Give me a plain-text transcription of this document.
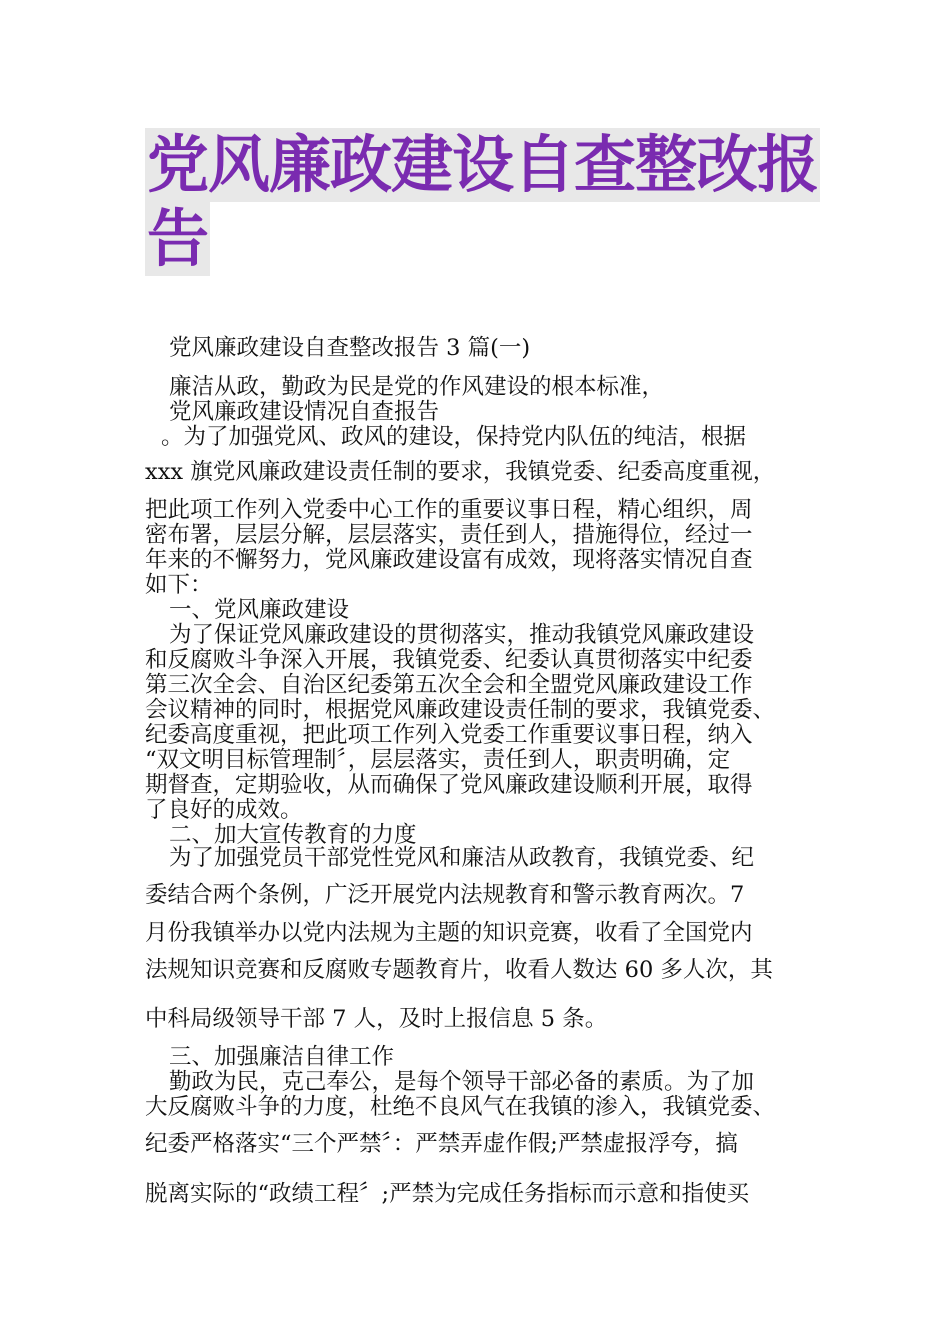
党风廉政建设自查整改报
告
党风廉政建设自查整改报告 3 篇(一)
廉洁从政，勤政为民是党的作风建设的根本标准，
党风廉政建设情况自查报告
。为了加强党风、政风的建设，保持党内队伍的纯洁，根据
xxx 旗党风廉政建设责任制的要求，我镇党委、纪委高度重视，
把此项工作列入党委中心工作的重要议事日程，精心组织，周
密布署，层层分解，层层落实，责任到人，措施得位，经过一
年来的不懈努力，党风廉政建设富有成效，现将落实情况自查
如下：
一、党风廉政建设
为了保证党风廉政建设的贯彻落实，推动我镇党风廉政建设
和反腐败斗争深入开展，我镇党委、纪委认真贯彻落实中纪委
第三次全会、自治区纪委第五次全会和全盟党风廉政建设工作
会议精神的同时，根据党风廉政建设责任制的要求，我镇党委、
纪委高度重视，把此项工作列入党委工作重要议事日程，纳入
“双文明目标管理制〞，层层落实，责任到人，职责明确，定
期督查，定期验收，从而确保了党风廉政建设顺利开展，取得
了良好的成效。
二、加大宣传教育的力度
为了加强党员干部党性党风和廉洁从政教育，我镇党委、纪
委结合两个条例，广泛开展党内法规教育和警示教育两次。7
月份我镇举办以党内法规为主题的知识竞赛，收看了全国党内
法规知识竞赛和反腐败专题教育片，收看人数达 60 多人次，其
中科局级领导干部 7 人，及时上报信息 5 条。
三、加强廉洁自律工作
勤政为民，克己奉公，是每个领导干部必备的素质。为了加
大反腐败斗争的力度，杜绝不良风气在我镇的渗入，我镇党委、
纪委严格落实“三个严禁〞：严禁弄虚作假;严禁虚报浮夸，搞
脱离实际的“政绩工程〞;严禁为完成任务指标而示意和指使买
